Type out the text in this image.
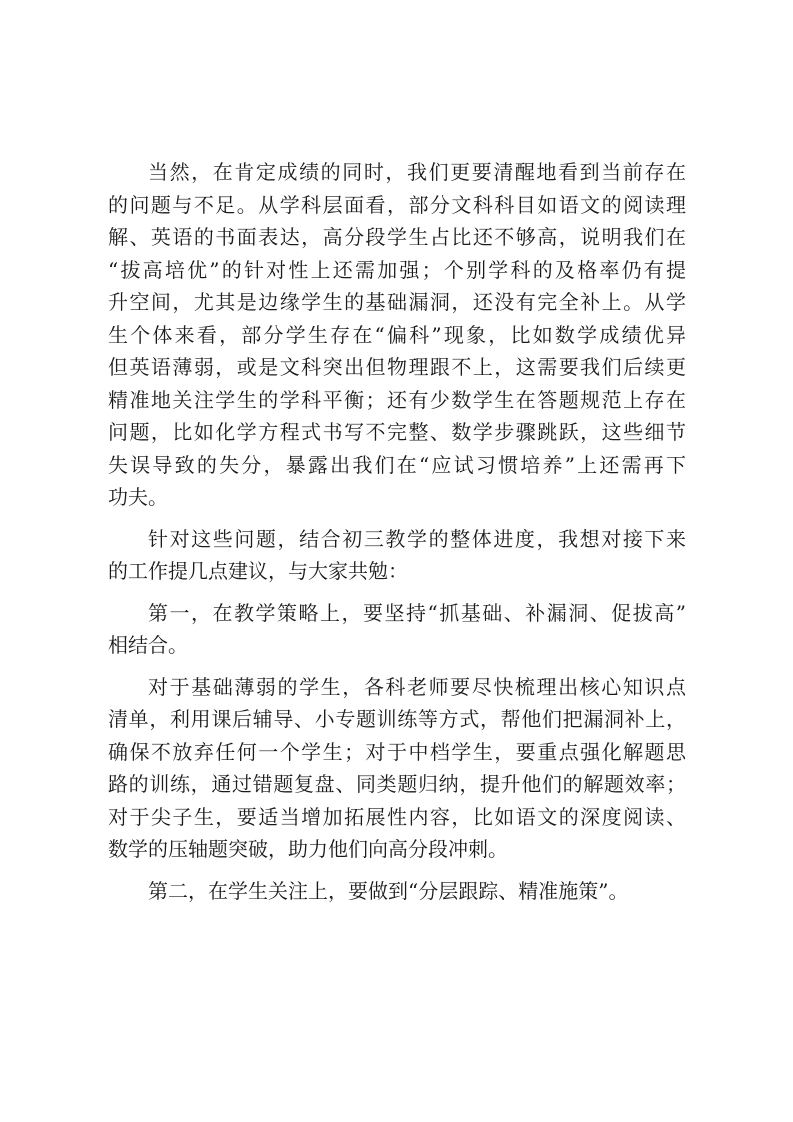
当然，在肯定成绩的同时，我们更要清醒地看到当前存在
的问题与不足。从学科层面看，部分文科科目如语文的阅读理
解、英语的书面表达，高分段学生占比还不够高，说明我们在
“拔高培优”的针对性上还需加强；个别学科的及格率仍有提
升空间，尤其是边缘学生的基础漏洞，还没有完全补上。从学
生个体来看，部分学生存在“偏科”现象，比如数学成绩优异
但英语薄弱，或是文科突出但物理跟不上，这需要我们后续更
精准地关注学生的学科平衡；还有少数学生在答题规范上存在
问题，比如化学方程式书写不完整、数学步骤跳跃，这些细节
失误导致的失分，暴露出我们在“应试习惯培养”上还需再下
功夫。
针对这些问题，结合初三教学的整体进度，我想对接下来
的工作提几点建议，与大家共勉：
第一，在教学策略上，要坚持“抓基础、补漏洞、促拔高”
相结合。
对于基础薄弱的学生，各科老师要尽快梳理出核心知识点
清单，利用课后辅导、小专题训练等方式，帮他们把漏洞补上，
确保不放弃任何一个学生；对于中档学生，要重点强化解题思
路的训练，通过错题复盘、同类题归纳，提升他们的解题效率；
对于尖子生，要适当增加拓展性内容，比如语文的深度阅读、
数学的压轴题突破，助力他们向高分段冲刺。
第二，在学生关注上，要做到“分层跟踪、精准施策”。
